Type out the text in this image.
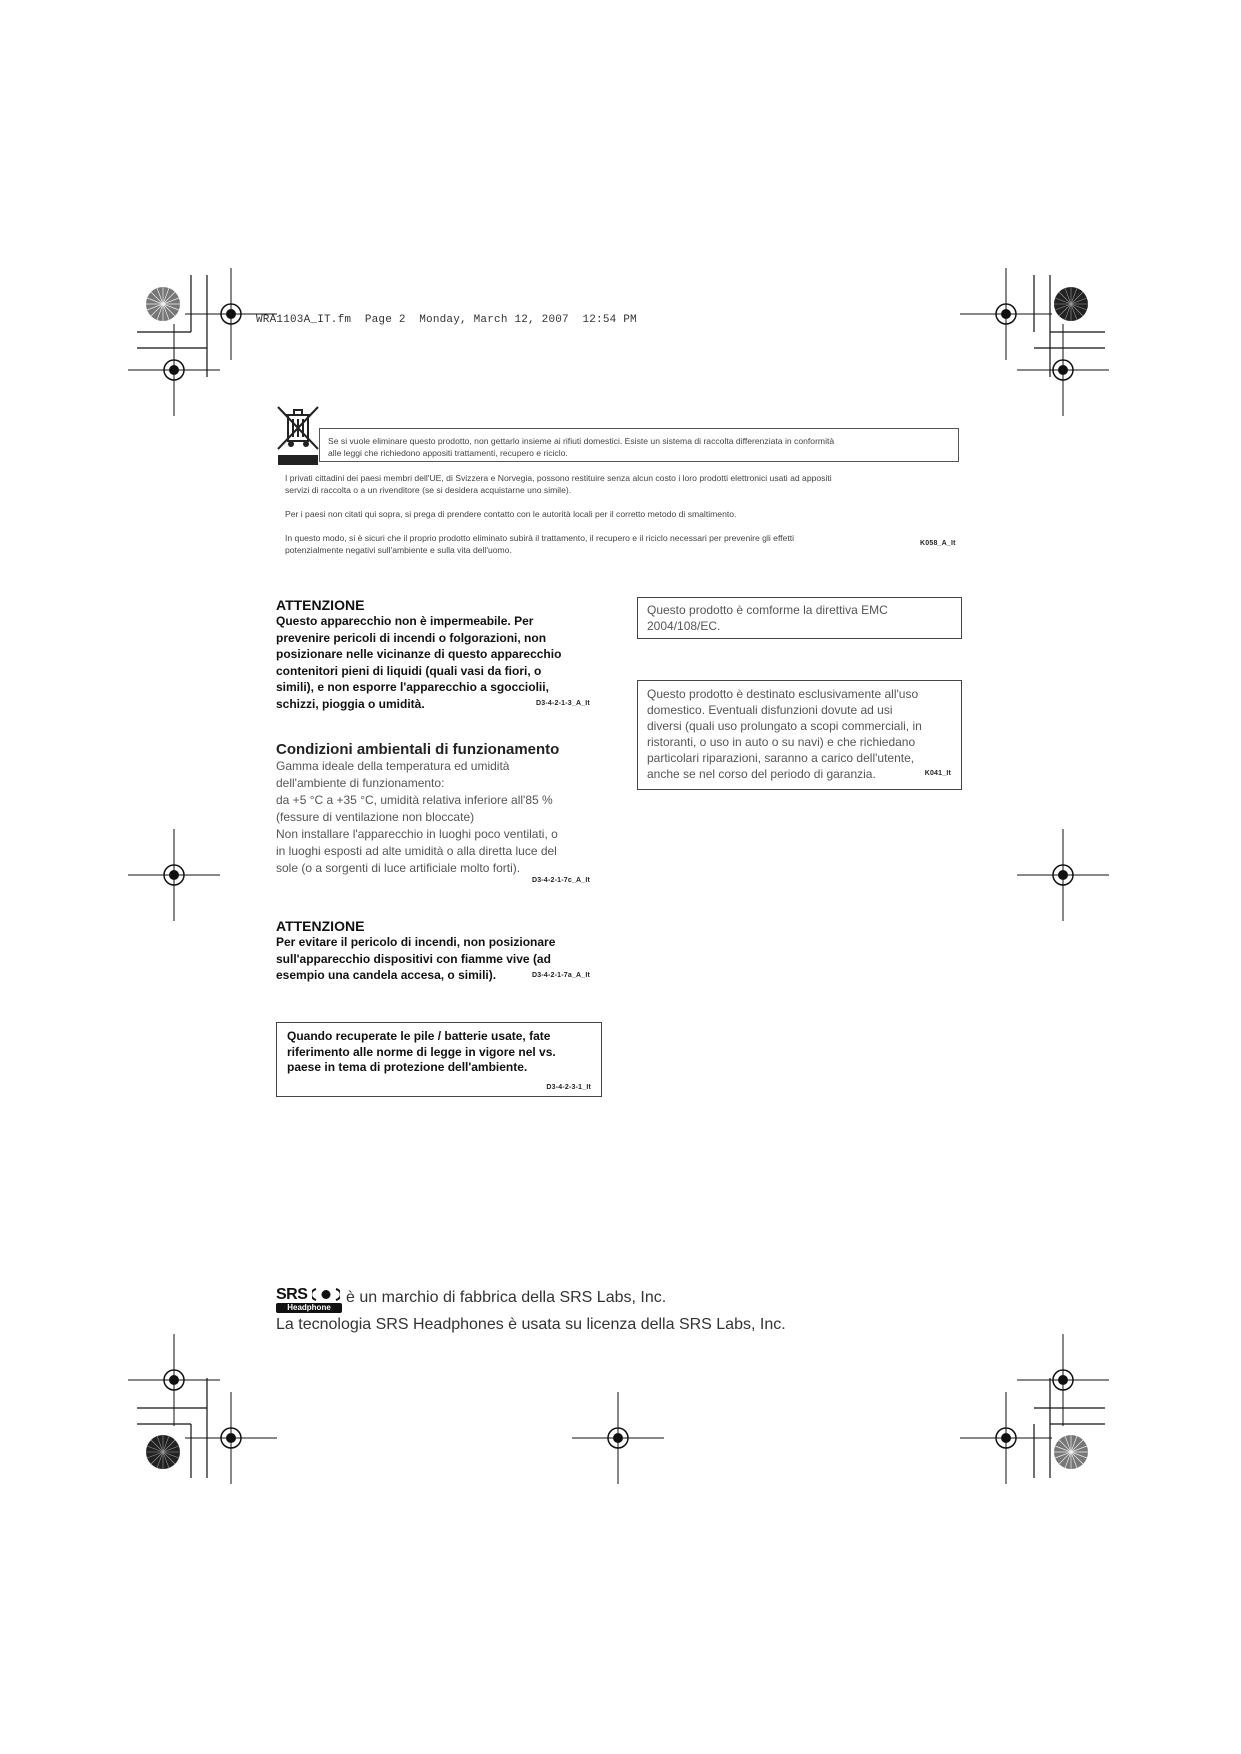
WRA1103A_IT.fm  Page 2  Monday, March 12, 2007  12:54 PM
Se si vuole eliminare questo prodotto, non gettarlo insieme ai rifiuti domestici. Esiste un sistema di raccolta differenziata in conformità
alle leggi che richiedono appositi trattamenti, recupero e riciclo.
I privati cittadini dei paesi membri dell'UE, di Svizzera e Norvegia, possono restituire senza alcun costo i loro prodotti elettronici usati ad appositi
servizi di raccolta o a un rivenditore (se si desidera acquistarne uno simile).
Per i paesi non citati qui sopra, si prega di prendere contatto con le autorità locali per il corretto metodo di smaltimento.
In questo modo, si è sicuri che il proprio prodotto eliminato subirà il trattamento, il recupero e il riciclo necessari per prevenire gli effetti
potenzialmente negativi sull'ambiente e sulla vita dell'uomo.
K058_A_It
ATTENZIONE
Questo apparecchio non è impermeabile. Per
prevenire pericoli di incendi o folgorazioni, non
posizionare nelle vicinanze di questo apparecchio
contenitori pieni di liquidi (quali vasi da fiori, o
simili), e non esporre l'apparecchio a sgocciolii,
schizzi, pioggia o umidità.	D3-4-2-1-3_A_It
Condizioni ambientali di funzionamento
Gamma ideale della temperatura ed umidità
dell'ambiente di funzionamento:
da +5 °C a +35 °C, umidità relativa inferiore all'85 %
(fessure di ventilazione non bloccate)
Non installare l'apparecchio in luoghi poco ventilati, o
in luoghi esposti ad alte umidità o alla diretta luce del
sole (o a sorgenti di luce artificiale molto forti).
D3-4-2-1-7c_A_It
ATTENZIONE
Per evitare il pericolo di incendi, non posizionare
sull'apparecchio dispositivi con fiamme vive (ad
esempio una candela accesa, o simili).	D3-4-2-1-7a_A_It
Quando recuperate le pile / batterie usate, fate
riferimento alle norme di legge in vigore nel vs.
paese in tema di protezione dell'ambiente.
D3-4-2-3-1_It
Questo prodotto è comforme la direttiva EMC
2004/108/EC.
Questo prodotto è destinato esclusivamente all'uso
domestico. Eventuali disfunzioni dovute ad usi
diversi (quali uso prolungato a scopi commerciali, in
ristoranti, o uso in auto o su navi) e che richiedano
particolari riparazioni, saranno a carico dell'utente,
anche se nel corso del periodo di garanzia.	K041_It
SRS
Headphone
è un marchio di fabbrica della SRS Labs, Inc.
La tecnologia SRS Headphones è usata su licenza della SRS Labs, Inc.
